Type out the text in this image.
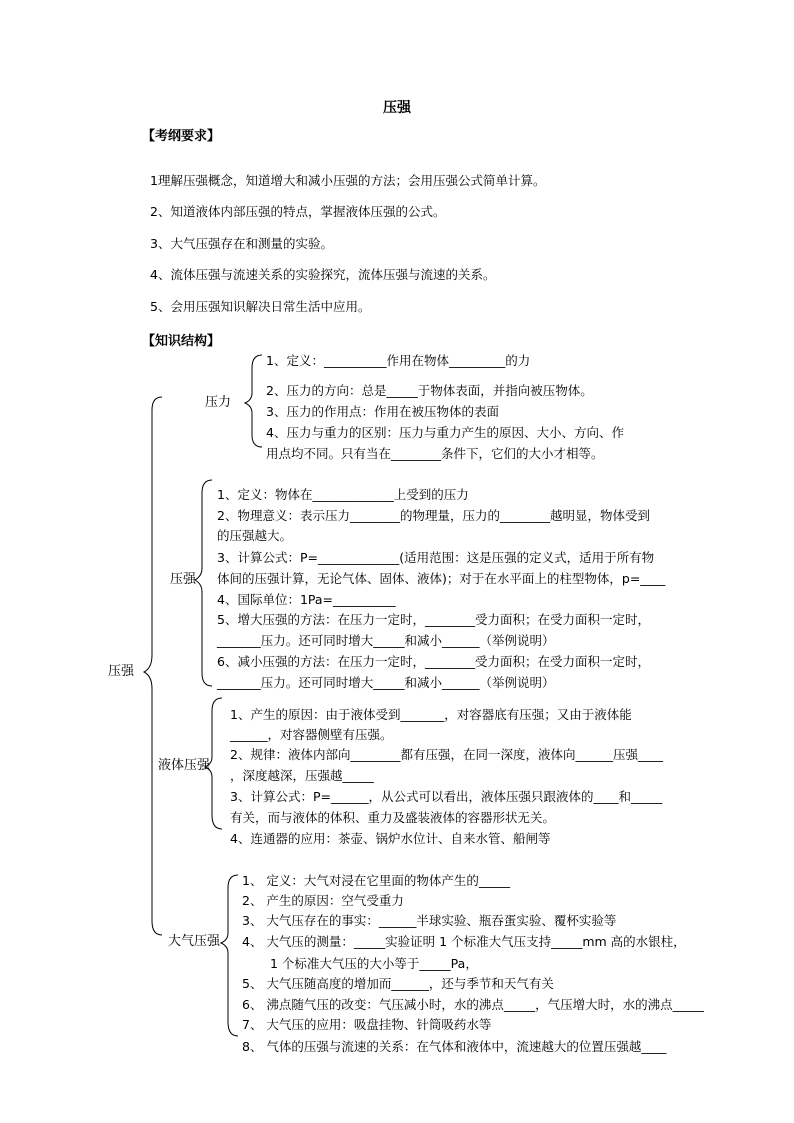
压强
【考纲要求】
1理解压强概念，知道增大和减小压强的方法；会用压强公式简单计算。
2、知道液体内部压强的特点，掌握液体压强的公式。
3、大气压强存在和测量的实验。
4、流体压强与流速关系的实验探究，流体压强与流速的关系。
5、会用压强知识解决日常生活中应用。
【知识结构】
压强
压力
1、定义：__________作用在物体_________的力
2、压力的方向：总是_____于物体表面，并指向被压物体。
3、压力的作用点：作用在被压物体的表面
4、压力与重力的区别：压力与重力产生的原因、大小、方向、作
用点均不同。只有当在________条件下，它们的大小才相等。
压强
1、定义：物体在_____________上受到的压力
2、物理意义：表示压力________的物理量，压力的________越明显，物体受到
的压强越大。
3、计算公式：P=_____________(适用范围：这是压强的定义式，适用于所有物
体间的压强计算，无论气体、固体、液体)；对于在水平面上的柱型物体，p=____
4、国际单位：1Pa=__________
5、增大压强的方法：在压力一定时，________受力面积；在受力面积一定时，
_______压力。还可同时增大_____和减小______（举例说明）
6、减小压强的方法：在压力一定时，________受力面积；在受力面积一定时，
_______压力。还可同时增大_____和减小______（举例说明）
液体压强
1、产生的原因：由于液体受到_______，对容器底有压强；又由于液体能
______，对容器侧壁有压强。
2、规律：液体内部向________都有压强，在同一深度，液体向______压强____
，深度越深，压强越_____
3、计算公式：P=______，从公式可以看出，液体压强只跟液体的____和_____
有关，而与液体的体积、重力及盛装液体的容器形状无关。
4、连通器的应用：茶壶、锅炉水位计、自来水管、船闸等
大气压强
1、 定义：大气对浸在它里面的物体产生的_____
2、 产生的原因：空气受重力
3、 大气压存在的事实：______半球实验、瓶吞蛋实验、覆杯实验等
4、 大气压的测量：_____实验证明 1 个标准大气压支持_____mm 高的水银柱，
1 个标准大气压的大小等于_____Pa，
5、 大气压随高度的增加而______，还与季节和天气有关
6、 沸点随气压的改变：气压减小时，水的沸点_____，气压增大时，水的沸点_____
7、 大气压的应用：吸盘挂物、针筒吸药水等
8、 气体的压强与流速的关系：在气体和液体中，流速越大的位置压强越____
